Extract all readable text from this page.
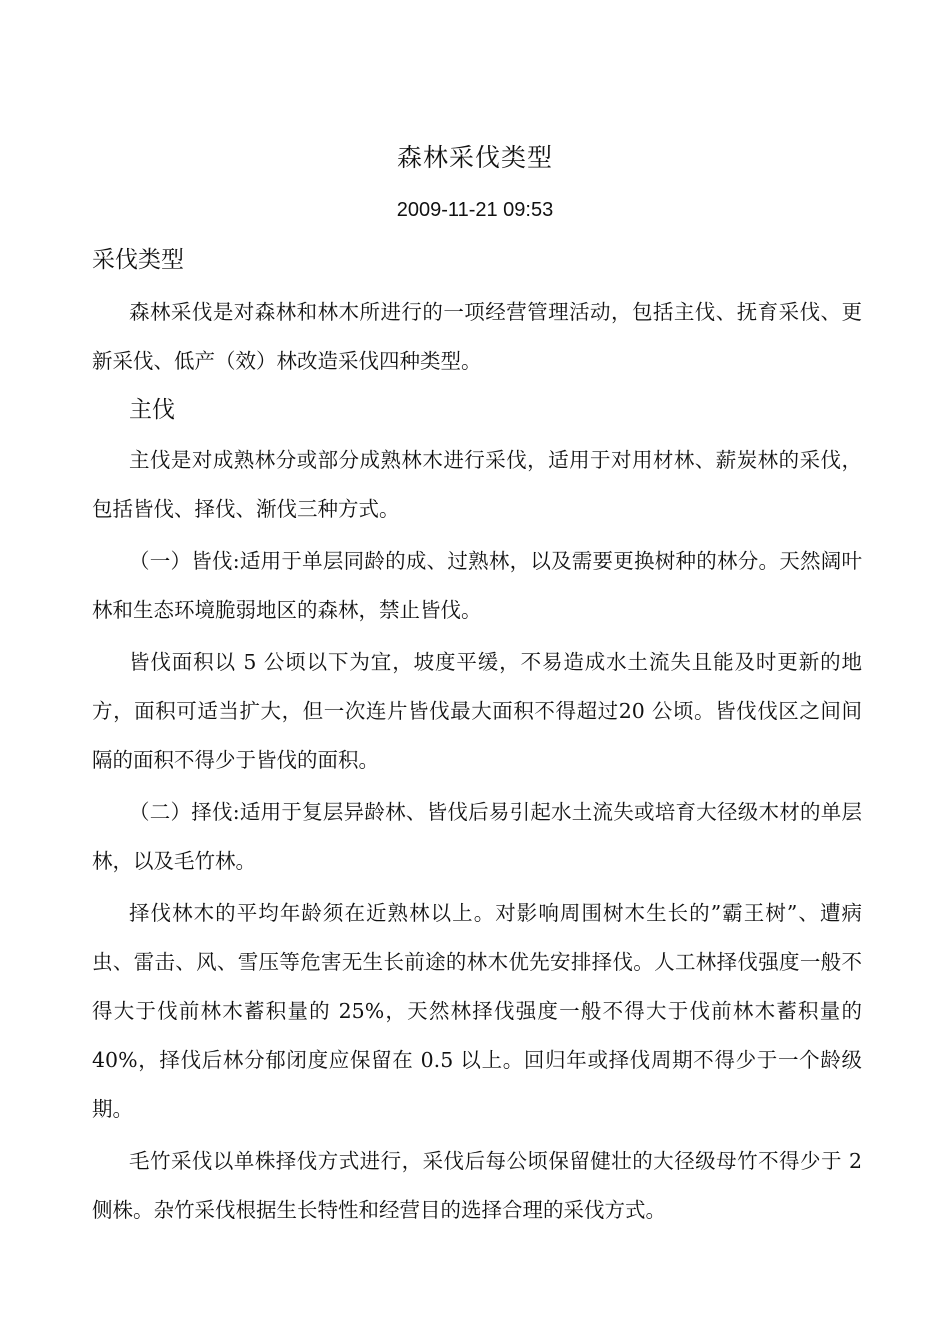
森林采伐类型
2009-11-21 09:53
采伐类型

森林采伐是对森林和林木所进行的一项经营管理活动，包括主伐、抚育采伐、更新采伐、低产（效）林改造采伐四种类型。

主伐

主伐是对成熟林分或部分成熟林木进行采伐，适用于对用材林、薪炭林的采伐，包括皆伐、择伐、渐伐三种方式。

（一）皆伐:适用于单层同龄的成、过熟林，以及需要更换树种的林分。天然阔叶林和生态环境脆弱地区的森林，禁止皆伐。

皆伐面积以 5 公顷以下为宜，坡度平缓，不易造成水土流失且能及时更新的地方，面积可适当扩大，但一次连片皆伐最大面积不得超过20 公顷。皆伐伐区之间间隔的面积不得少于皆伐的面积。

（二）择伐:适用于复层异龄林、皆伐后易引起水土流失或培育大径级木材的单层林，以及毛竹林。

择伐林木的平均年龄须在近熟林以上。对影响周围树木生长的”霸王树”、遭病虫、雷击、风、雪压等危害无生长前途的林木优先安排择伐。人工林择伐强度一般不得大于伐前林木蓄积量的 25%，天然林择伐强度一般不得大于伐前林木蓄积量的 40%，择伐后林分郁闭度应保留在 0.5 以上。回归年或择伐周期不得少于一个龄级期。

毛竹采伐以单株择伐方式进行，采伐后每公顷保留健壮的大径级母竹不得少于 2 侧株。杂竹采伐根据生长特性和经营目的选择合理的采伐方式。
